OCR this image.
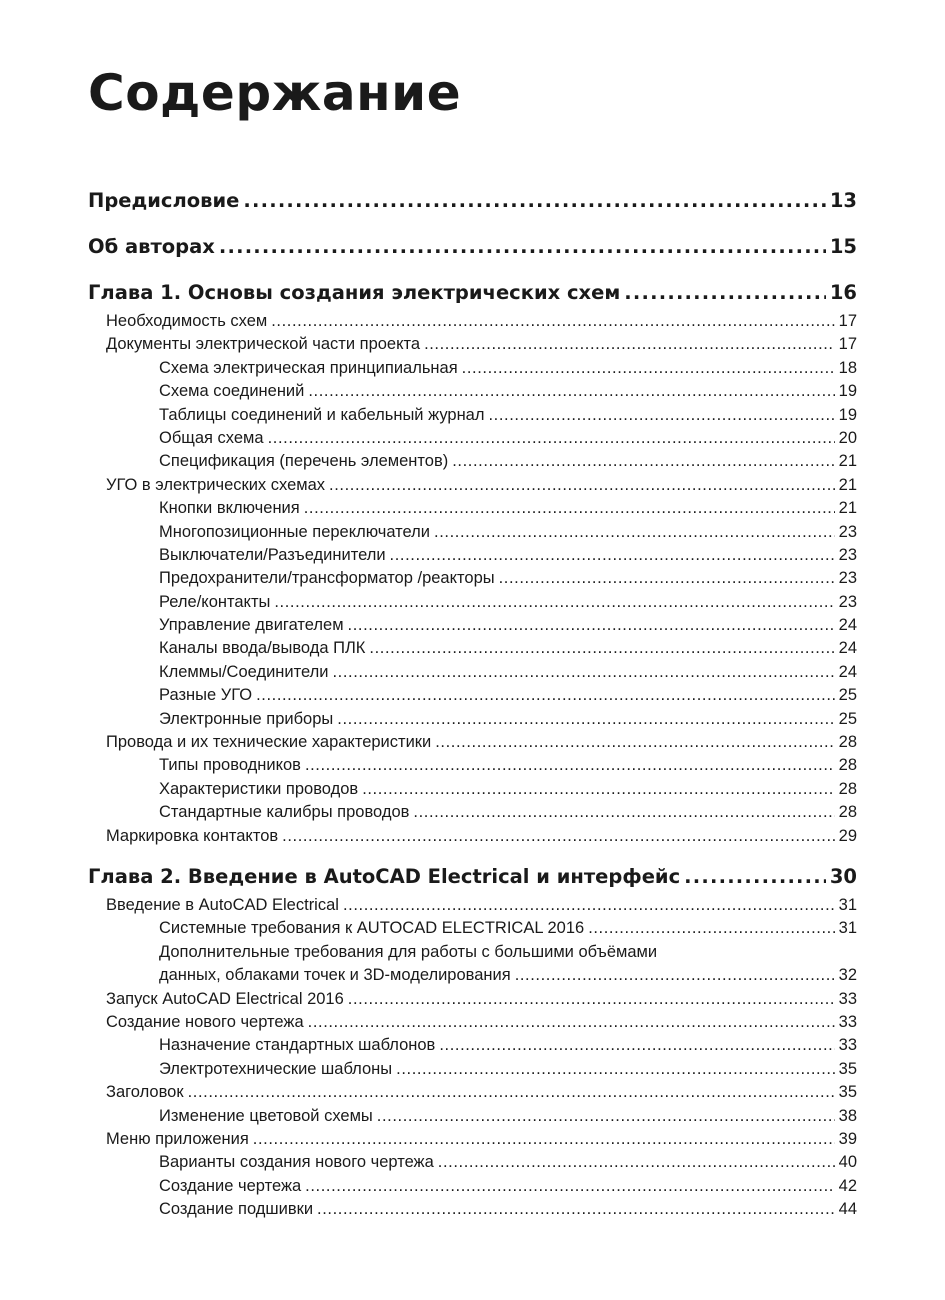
Содержание
Предисловие .....	13
Об авторах .....	15
Глава 1. Основы создания электрических схем .....	16
Необходимость схем .....	17
Документы электрической части проекта .....	17
Схема электрическая принципиальная .....	18
Схема соединений .....	19
Таблицы соединений и кабельный журнал .....	19
Общая схема .....	20
Спецификация (перечень элементов) .....	21
УГО в электрических схемах .....	21
Кнопки включения .....	21
Многопозиционные переключатели .....	23
Выключатели/Разъединители .....	23
Предохранители/трансформатор /реакторы .....	23
Реле/контакты .....	23
Управление двигателем .....	24
Каналы ввода/вывода ПЛК .....	24
Клеммы/Соединители .....	24
Разные УГО .....	25
Электронные приборы .....	25
Провода и их технические характеристики .....	28
Типы проводников .....	28
Характеристики проводов .....	28
Стандартные калибры проводов .....	28
Маркировка контактов .....	29
Глава 2. Введение в AutoCAD Electrical и интерфейс .....	30
Введение в AutoCAD Electrical .....	31
Системные требования к AUTOCAD ELECTRICAL 2016 .....	31
Дополнительные требования для работы с большими объёмами
данных, облаками точек и 3D-моделирования .....	32
Запуск AutoCAD Electrical 2016 .....	33
Создание нового чертежа .....	33
Назначение стандартных шаблонов .....	33
Электротехнические шаблоны .....	35
Заголовок .....	35
Изменение цветовой схемы .....	38
Меню приложения .....	39
Варианты создания нового чертежа .....	40
Создание чертежа .....	42
Создание подшивки .....	44
